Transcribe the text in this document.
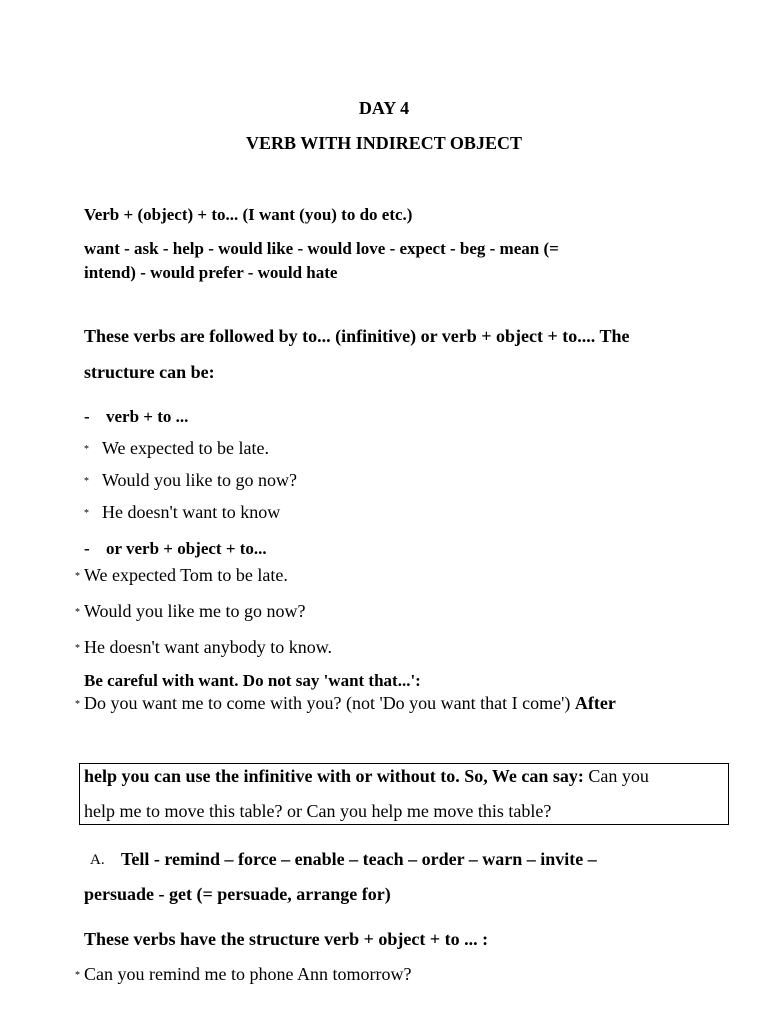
DAY 4
VERB WITH INDIRECT OBJECT
Verb + (object) + to... (I want (you) to do etc.)
want - ask - help - would like - would love - expect - beg - mean (=
intend) - would prefer - would hate
These verbs are followed by to... (infinitive) or verb + object + to.... The
structure can be:
- verb + to ...
* We expected to be late.
* Would you like to go now?
* He doesn't want to know
- or verb + object + to...
* We expected Tom to be late.
* Would you like me to go now?
* He doesn't want anybody to know.
Be careful with want. Do not say 'want that...':
* Do you want me to come with you? (not 'Do you want that I come') After
help you can use the infinitive with or without to. So, We can say: Can you
help me to move this table? or Can you help me move this table?
A. Tell - remind – force – enable – teach – order – warn – invite –
persuade - get (= persuade, arrange for)
These verbs have the structure verb + object + to ... :
* Can you remind me to phone Ann tomorrow?
